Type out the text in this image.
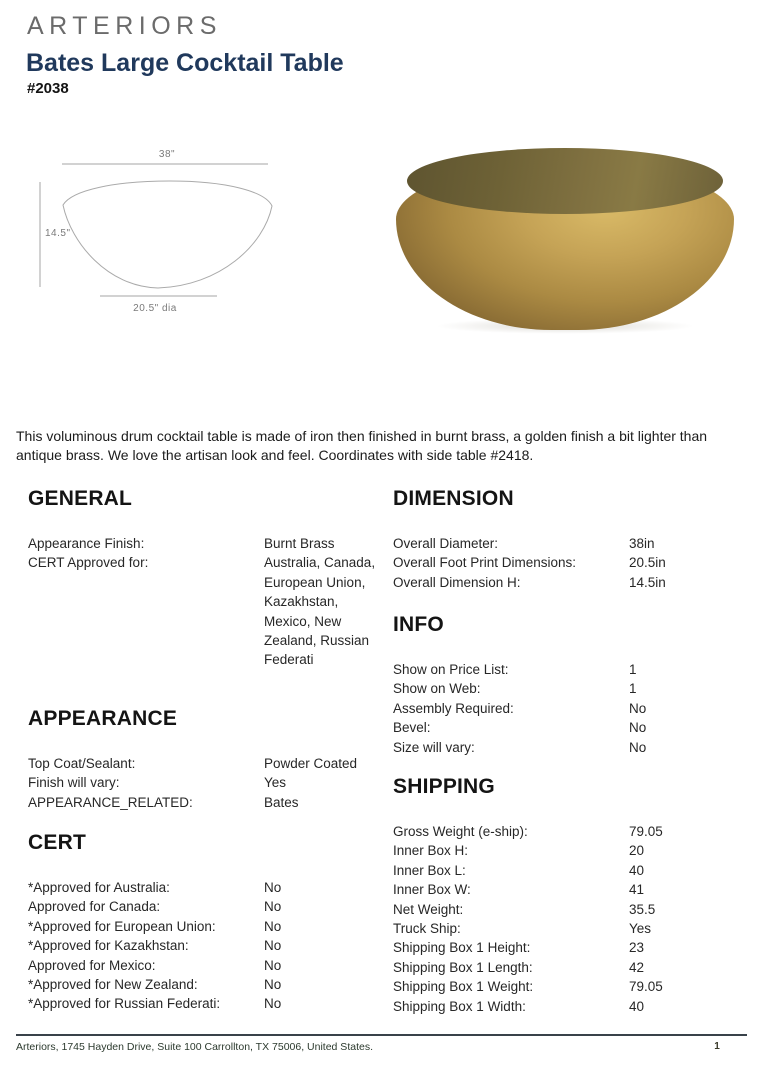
ARTERIORS
Bates Large Cocktail Table
#2038
38"
14.5"
20.5" dia
This voluminous drum cocktail table is made of iron then finished in burnt brass, a golden finish a bit lighter than antique brass. We love the artisan look and feel. Coordinates with side table #2418.
GENERAL
Appearance Finish:	Burnt Brass
CERT Approved for:	Australia, Canada, European Union, Kazakhstan, Mexico, New Zealand, Russian Federati
APPEARANCE
Top Coat/Sealant:	Powder Coated
Finish will vary:	Yes
APPEARANCE_RELATED:	Bates
CERT
*Approved for Australia:	No
Approved for Canada:	No
*Approved for European Union:	No
*Approved for Kazakhstan:	No
Approved for Mexico:	No
*Approved for New Zealand:	No
*Approved for Russian Federati:	No
DIMENSION
Overall Diameter:	38in
Overall Foot Print Dimensions:	20.5in
Overall Dimension H:	14.5in
INFO
Show on Price List:	1
Show on Web:	1
Assembly Required:	No
Bevel:	No
Size will vary:	No
SHIPPING
Gross Weight (e-ship):	79.05
Inner Box H:	20
Inner Box L:	40
Inner Box W:	41
Net Weight:	35.5
Truck Ship:	Yes
Shipping Box 1 Height:	23
Shipping Box 1 Length:	42
Shipping Box 1 Weight:	79.05
Shipping Box 1 Width:	40
Arteriors, 1745 Hayden Drive, Suite 100 Carrollton, TX 75006, United States.	1
